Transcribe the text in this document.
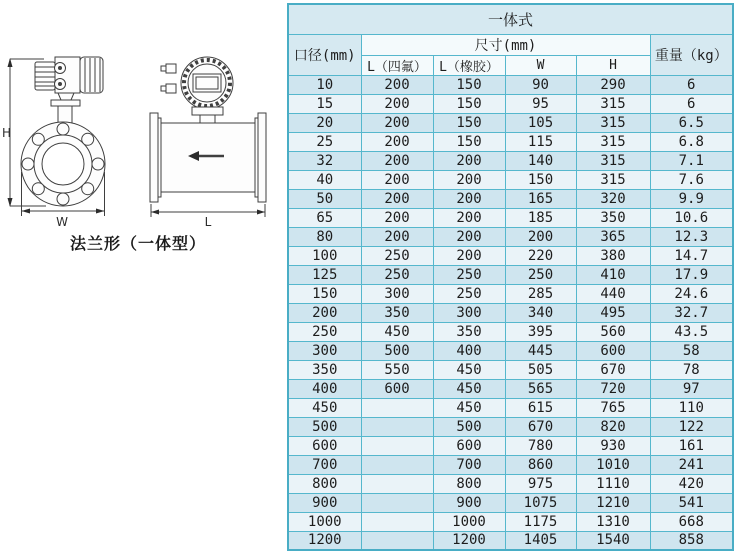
H
W	L
法兰形（一体型）
一体式					
口径(mm)	尺寸(mm)				重量（kg）
	L（四氟）	L（橡胶）	W	H	
10	200	150	90	290	6
15	200	150	95	315	6
20	200	150	105	315	6.5
25	200	150	115	315	6.8
32	200	200	140	315	7.1
40	200	200	150	315	7.6
50	200	200	165	320	9.9
65	200	200	185	350	10.6
80	200	200	200	365	12.3
100	250	200	220	380	14.7
125	250	250	250	410	17.9
150	300	250	285	440	24.6
200	350	300	340	495	32.7
250	450	350	395	560	43.5
300	500	400	445	600	58
350	550	450	505	670	78
400	600	450	565	720	97
450		450	615	765	110
500		500	670	820	122
600		600	780	930	161
700		700	860	1010	241
800		800	975	1110	420
900		900	1075	1210	541
1000		1000	1175	1310	668
1200		1200	1405	1540	858
